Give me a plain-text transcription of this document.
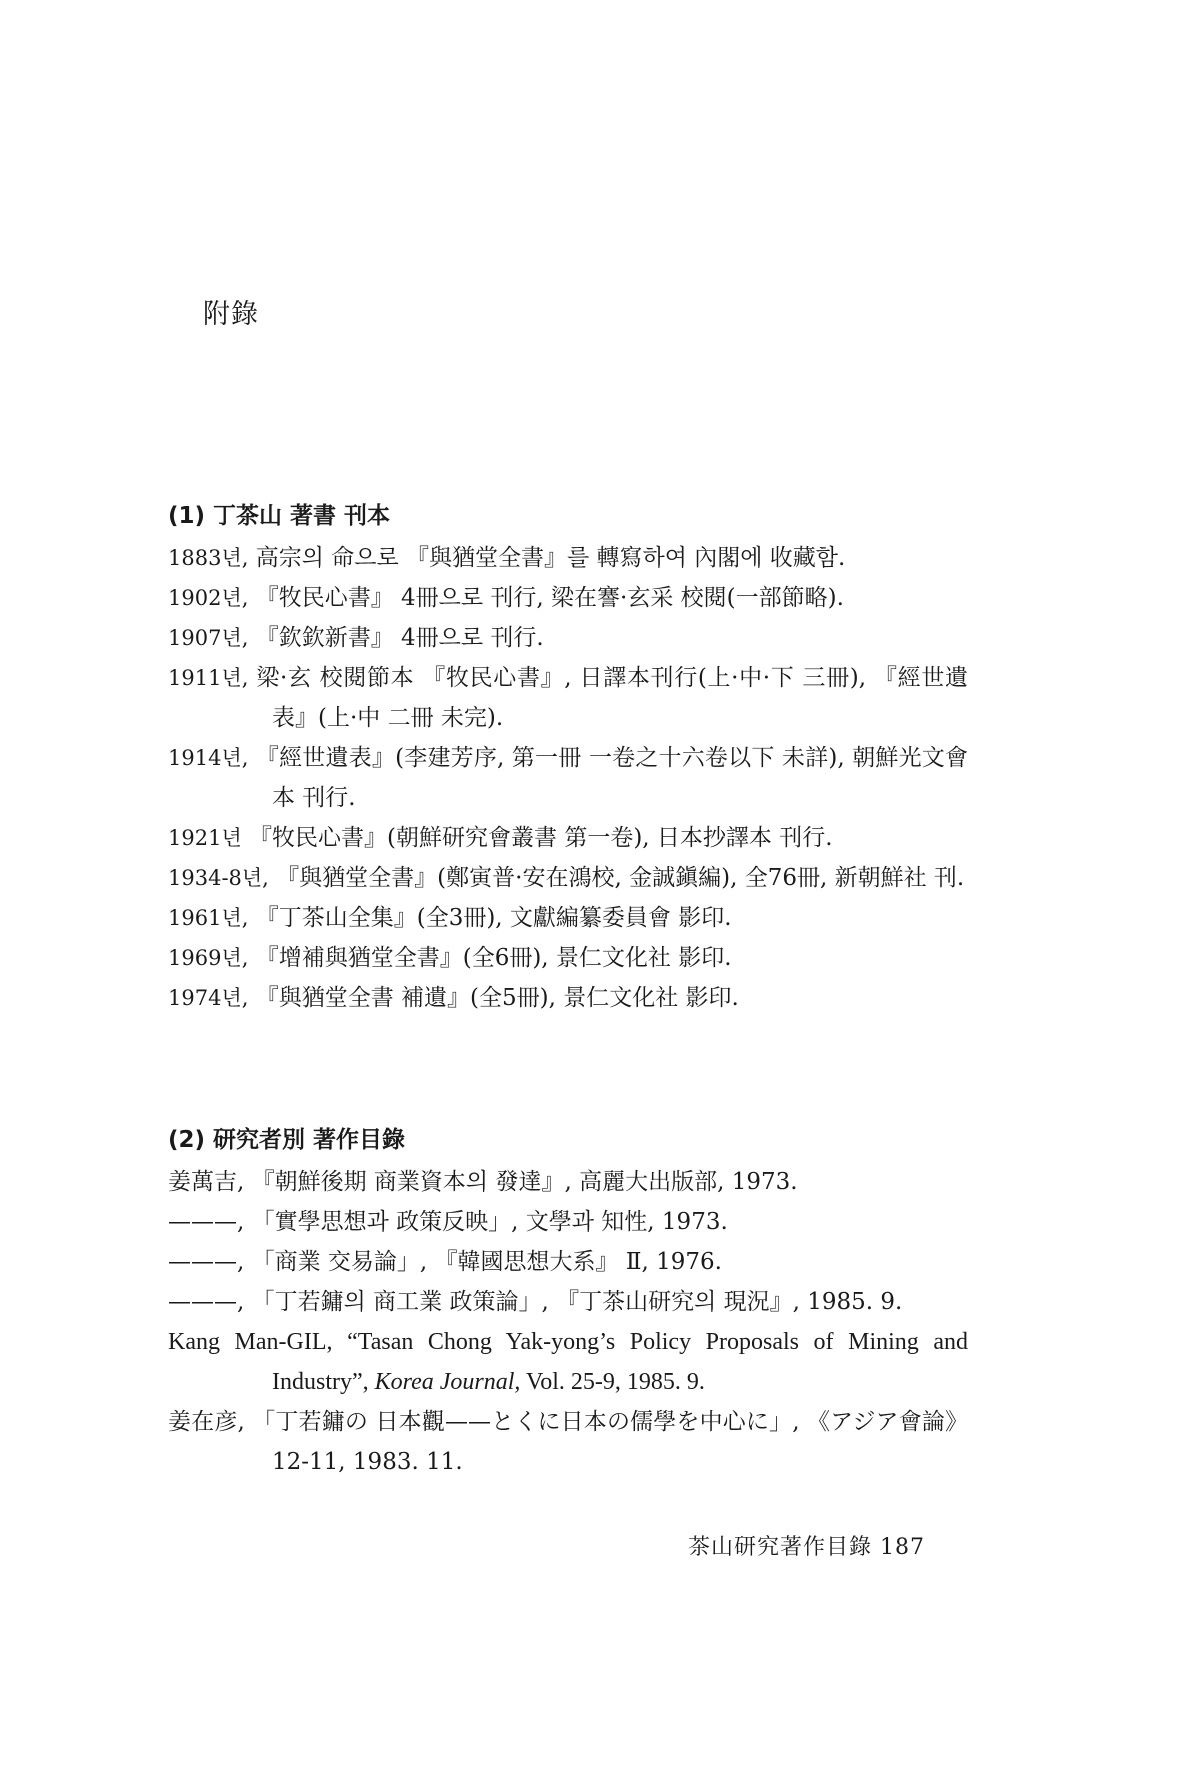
附錄
(1) 丁茶山 著書 刊本
1883년, 高宗의 命으로 『與猶堂全書』를 轉寫하여 內閣에 收藏함.
1902년, 『牧民心書』 4冊으로 刊行, 梁在謇·玄采 校閱(一部節略).
1907년, 『欽欽新書』 4冊으로 刊行.
1911년, 梁·玄 校閱節本 『牧民心書』, 日譯本刊行(上·中·下 三冊), 『經世遺表』(上·中 二冊 未完).
1914년, 『經世遺表』(李建芳序, 第一冊 一卷之十六卷以下 未詳), 朝鮮光文會本 刊行.
1921년 『牧民心書』(朝鮮研究會叢書 第一卷), 日本抄譯本 刊行.
1934-8년, 『與猶堂全書』(鄭寅普·安在鴻校, 金誠鎭編), 全76冊, 新朝鮮社 刊.
1961년, 『丁茶山全集』(全3冊), 文獻編纂委員會 影印.
1969년, 『增補與猶堂全書』(全6冊), 景仁文化社 影印.
1974년, 『與猶堂全書 補遺』(全5冊), 景仁文化社 影印.
(2) 研究者別 著作目錄
姜萬吉, 『朝鮮後期 商業資本의 發達』, 高麗大出版部, 1973.
———, 「實學思想과 政策反映」, 文學과 知性, 1973.
———, 「商業 交易論」, 『韓國思想大系』 Ⅱ, 1976.
———, 「丁若鏞의 商工業 政策論」, 『丁茶山研究의 現況』, 1985. 9.
Kang Man-GIL, “Tasan Chong Yak-yong’s Policy Proposals of Mining and Industry”, Korea Journal, Vol. 25-9, 1985. 9.
姜在彦, 「丁若鏞の 日本觀——とくに日本の儒學を中心に」, 《アジア會論》 12-11, 1983. 11.
茶山研究著作目錄 187
